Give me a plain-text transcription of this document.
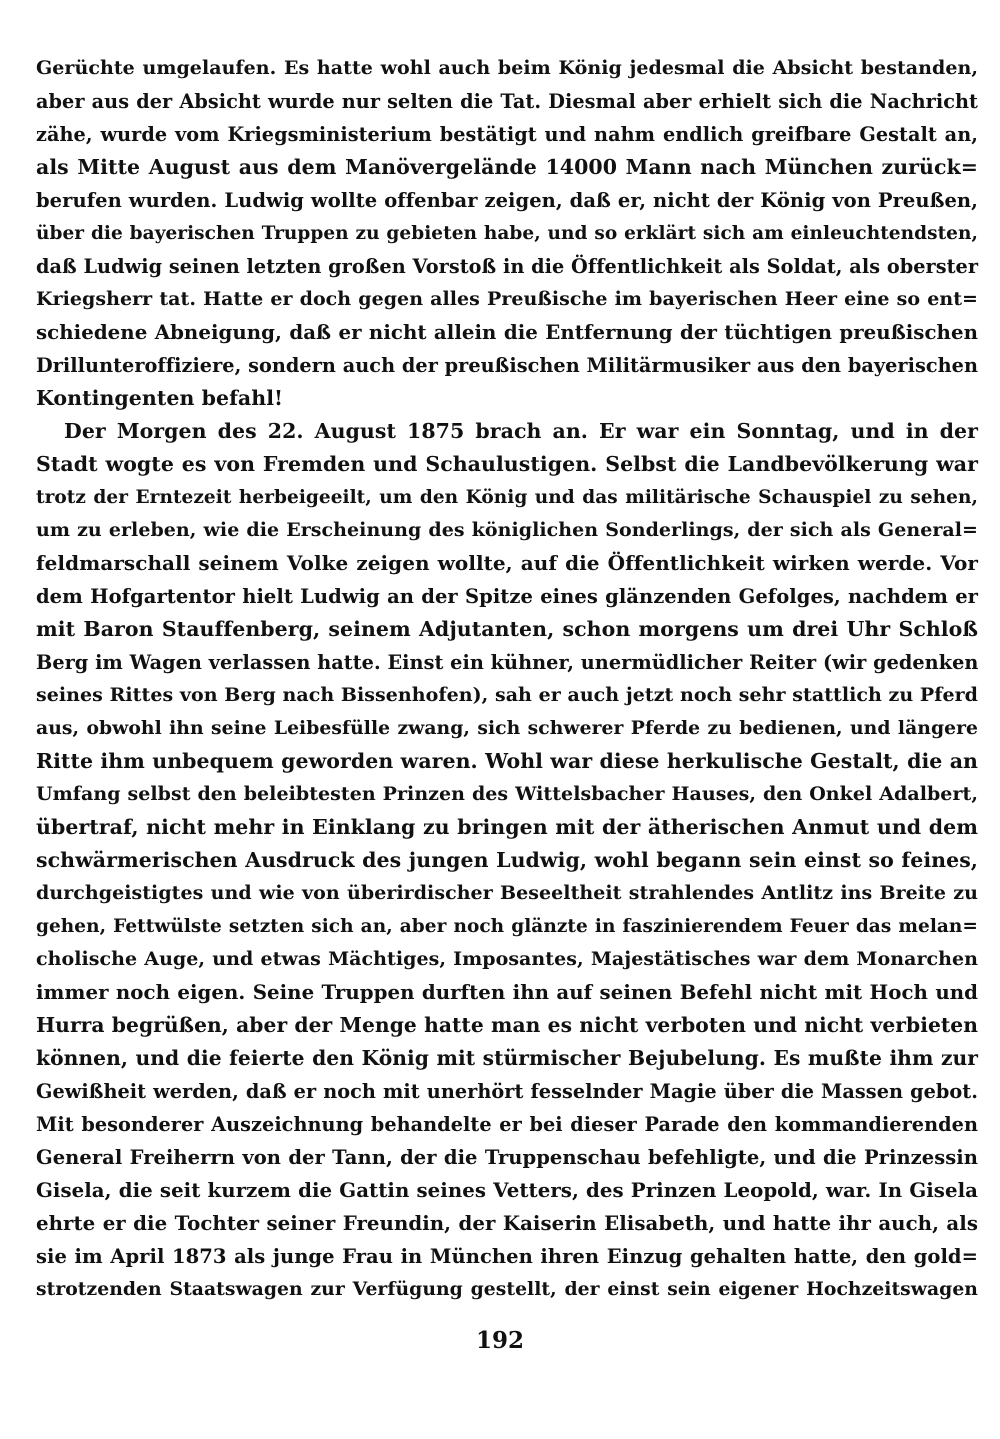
Gerüchte umgelaufen. Es hatte wohl auch beim König jedesmal die Absicht bestanden,
aber aus der Absicht wurde nur selten die Tat. Diesmal aber erhielt sich die Nachricht
zähe, wurde vom Kriegsministerium bestätigt und nahm endlich greifbare Gestalt an,
als Mitte August aus dem Manövergelände 14000 Mann nach München zurück=
berufen wurden. Ludwig wollte offenbar zeigen, daß er, nicht der König von Preußen,
über die bayerischen Truppen zu gebieten habe, und so erklärt sich am einleuchtendsten,
daß Ludwig seinen letzten großen Vorstoß in die Öffentlichkeit als Soldat, als oberster
Kriegsherr tat. Hatte er doch gegen alles Preußische im bayerischen Heer eine so ent=
schiedene Abneigung, daß er nicht allein die Entfernung der tüchtigen preußischen
Drillunteroffiziere, sondern auch der preußischen Militärmusiker aus den bayerischen
Kontingenten befahl!
Der Morgen des 22. August 1875 brach an. Er war ein Sonntag, und in der
Stadt wogte es von Fremden und Schaulustigen. Selbst die Landbevölkerung war
trotz der Erntezeit herbeigeeilt, um den König und das militärische Schauspiel zu sehen,
um zu erleben, wie die Erscheinung des königlichen Sonderlings, der sich als General=
feldmarschall seinem Volke zeigen wollte, auf die Öffentlichkeit wirken werde. Vor
dem Hofgartentor hielt Ludwig an der Spitze eines glänzenden Gefolges, nachdem er
mit Baron Stauffenberg, seinem Adjutanten, schon morgens um drei Uhr Schloß
Berg im Wagen verlassen hatte. Einst ein kühner, unermüdlicher Reiter (wir gedenken
seines Rittes von Berg nach Bissenhofen), sah er auch jetzt noch sehr stattlich zu Pferd
aus, obwohl ihn seine Leibesfülle zwang, sich schwerer Pferde zu bedienen, und längere
Ritte ihm unbequem geworden waren. Wohl war diese herkulische Gestalt, die an
Umfang selbst den beleibtesten Prinzen des Wittelsbacher Hauses, den Onkel Adalbert,
übertraf, nicht mehr in Einklang zu bringen mit der ätherischen Anmut und dem
schwärmerischen Ausdruck des jungen Ludwig, wohl begann sein einst so feines,
durchgeistigtes und wie von überirdischer Beseeltheit strahlendes Antlitz ins Breite zu
gehen, Fettwülste setzten sich an, aber noch glänzte in faszinierendem Feuer das melan=
cholische Auge, und etwas Mächtiges, Imposantes, Majestätisches war dem Monarchen
immer noch eigen. Seine Truppen durften ihn auf seinen Befehl nicht mit Hoch und
Hurra begrüßen, aber der Menge hatte man es nicht verboten und nicht verbieten
können, und die feierte den König mit stürmischer Bejubelung. Es mußte ihm zur
Gewißheit werden, daß er noch mit unerhört fesselnder Magie über die Massen gebot.
Mit besonderer Auszeichnung behandelte er bei dieser Parade den kommandierenden
General Freiherrn von der Tann, der die Truppenschau befehligte, und die Prinzessin
Gisela, die seit kurzem die Gattin seines Vetters, des Prinzen Leopold, war. In Gisela
ehrte er die Tochter seiner Freundin, der Kaiserin Elisabeth, und hatte ihr auch, als
sie im April 1873 als junge Frau in München ihren Einzug gehalten hatte, den gold=
strotzenden Staatswagen zur Verfügung gestellt, der einst sein eigener Hochzeitswagen
192
